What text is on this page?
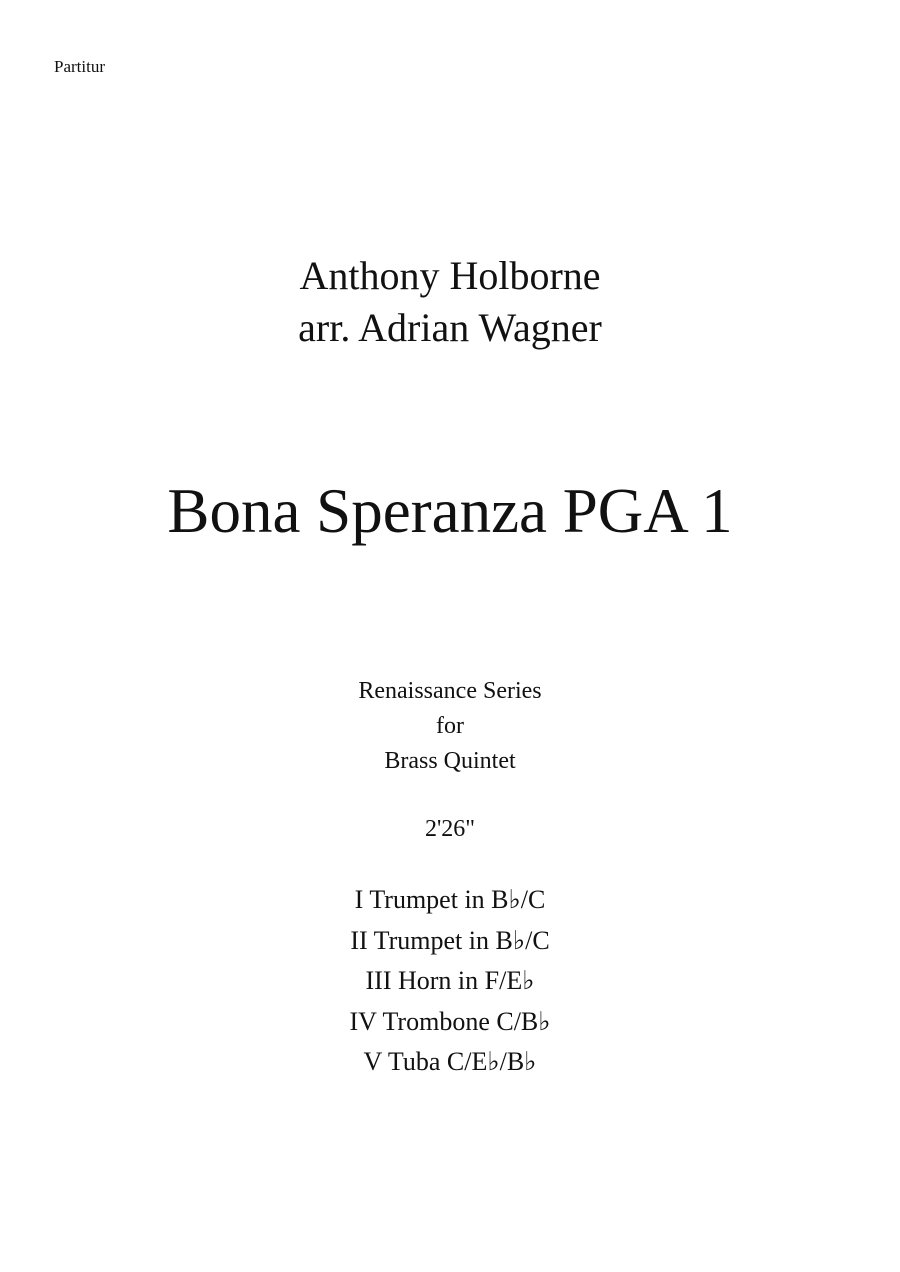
Partitur
Anthony Holborne
arr. Adrian Wagner
Bona Speranza PGA 1
Renaissance Series
for
Brass Quintet
2'26"
I Trumpet in B♭/C
II Trumpet in B♭/C
III Horn in F/E♭
IV Trombone C/B♭
V Tuba C/E♭/B♭
